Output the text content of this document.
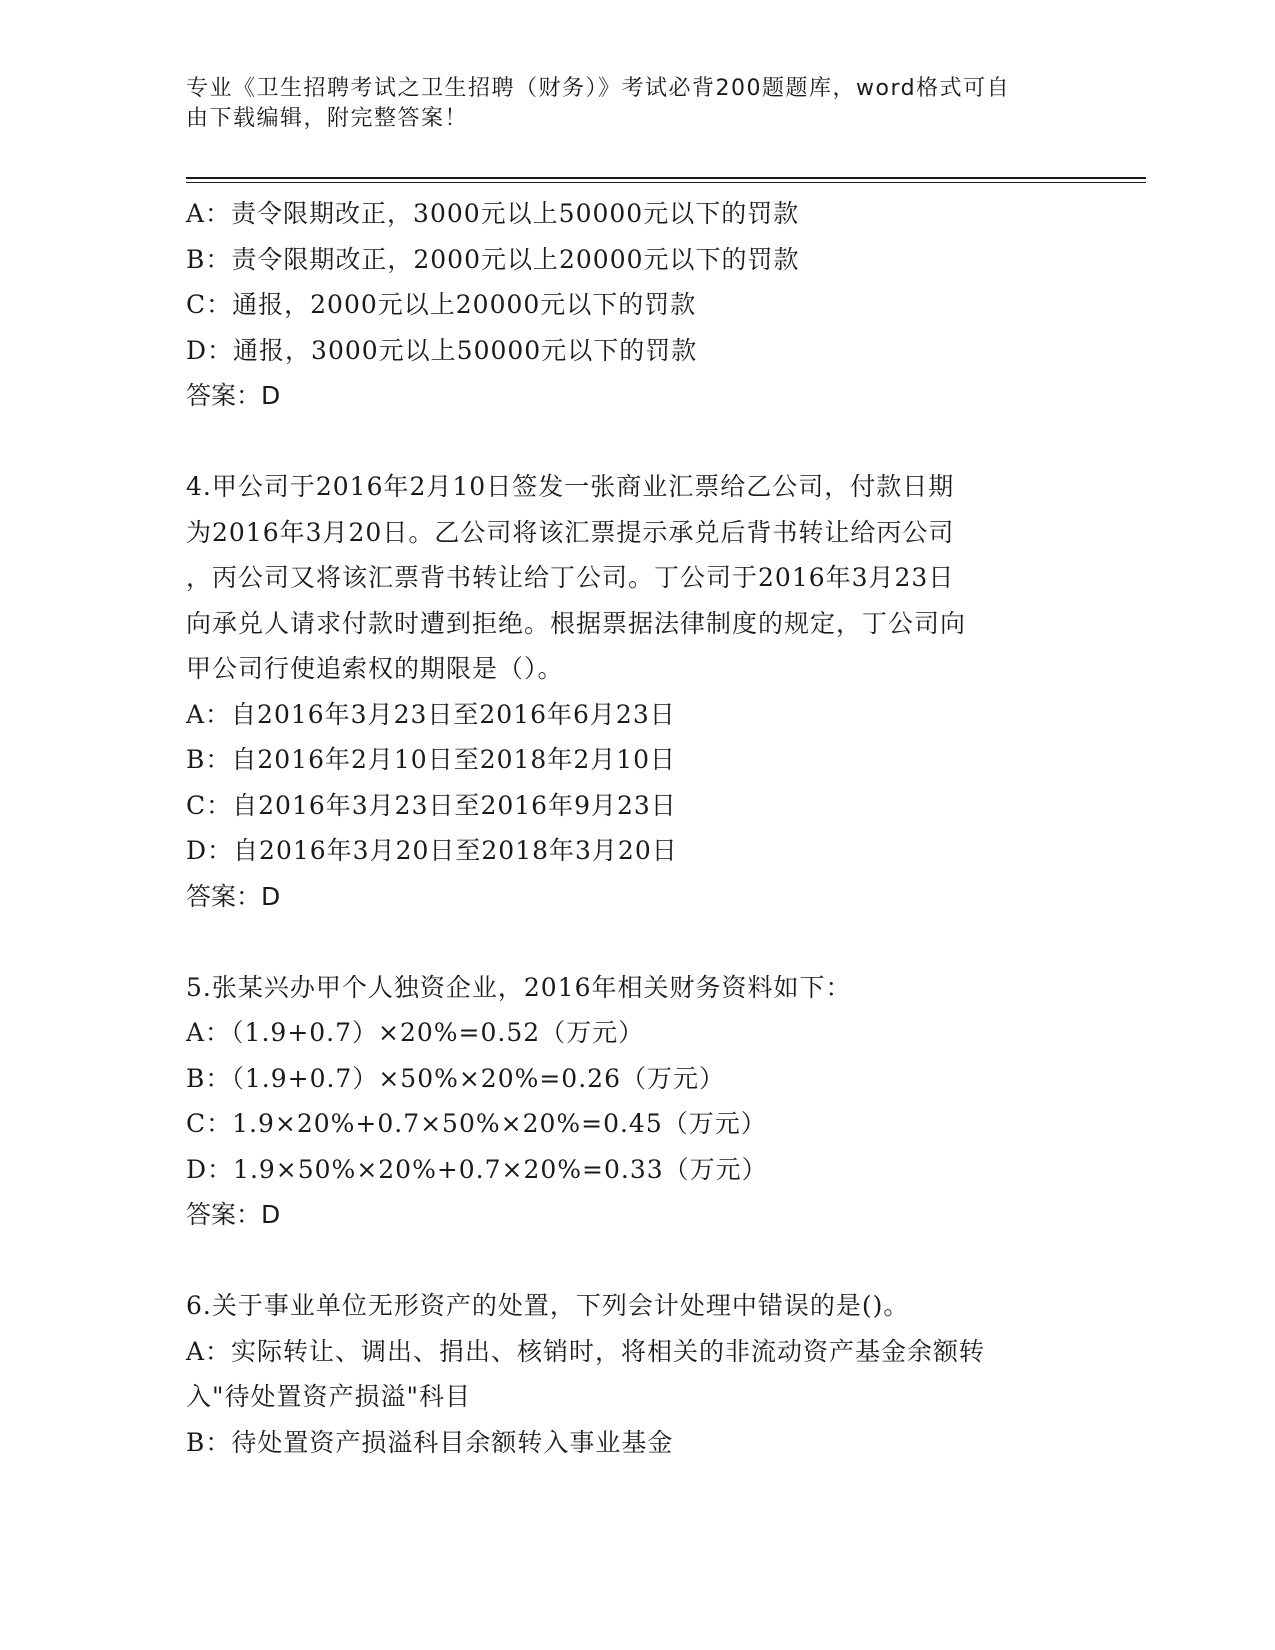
专业《卫生招聘考试之卫生招聘（财务）》考试必背200题题库，word格式可自
由下载编辑，附完整答案！
A：责令限期改正，3000元以上50000元以下的罚款
B：责令限期改正，2000元以上20000元以下的罚款
C：通报，2000元以上20000元以下的罚款
D：通报，3000元以上50000元以下的罚款
答案：D
4.甲公司于2016年2月10日签发一张商业汇票给乙公司，付款日期
为2016年3月20日。乙公司将该汇票提示承兑后背书转让给丙公司
，丙公司又将该汇票背书转让给丁公司。丁公司于2016年3月23日
向承兑人请求付款时遭到拒绝。根据票据法律制度的规定，丁公司向
甲公司行使追索权的期限是（）。
A：自2016年3月23日至2016年6月23日
B：自2016年2月10日至2018年2月10日
C：自2016年3月23日至2016年9月23日
D：自2016年3月20日至2018年3月20日
答案：D
5.张某兴办甲个人独资企业，2016年相关财务资料如下：
A：（1.9+0.7）×20%=0.52（万元）
B：（1.9+0.7）×50%×20%=0.26（万元）
C：1.9×20%+0.7×50%×20%=0.45（万元）
D：1.9×50%×20%+0.7×20%=0.33（万元）
答案：D
6.关于事业单位无形资产的处置，下列会计处理中错误的是()。
A：实际转让、调出、捐出、核销时，将相关的非流动资产基金余额转
入"待处置资产损溢"科目
B：待处置资产损溢科目余额转入事业基金
